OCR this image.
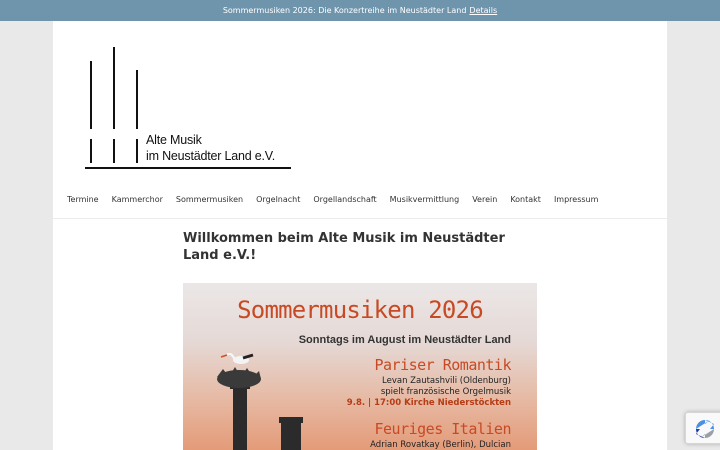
Sommermusiken 2026: Die Konzertreihe im Neustädter Land Details
Alte Musik
im Neustädter Land e.V.
Termine Kammerchor Sommermusiken Orgelnacht Orgellandschaft Musikvermittlung Verein Kontakt Impressum
Willkommen beim Alte Musik im Neustädter Land e.V.!
Sommermusiken 2026
Sonntags im August im Neustädter Land
Pariser Romantik
Levan Zautashvili (Oldenburg)
spielt französische Orgelmusik
9.8. | 17:00 Kirche Niederstöckten
Feuriges Italien
Adrian Rovatkay (Berlin), Dulcian
